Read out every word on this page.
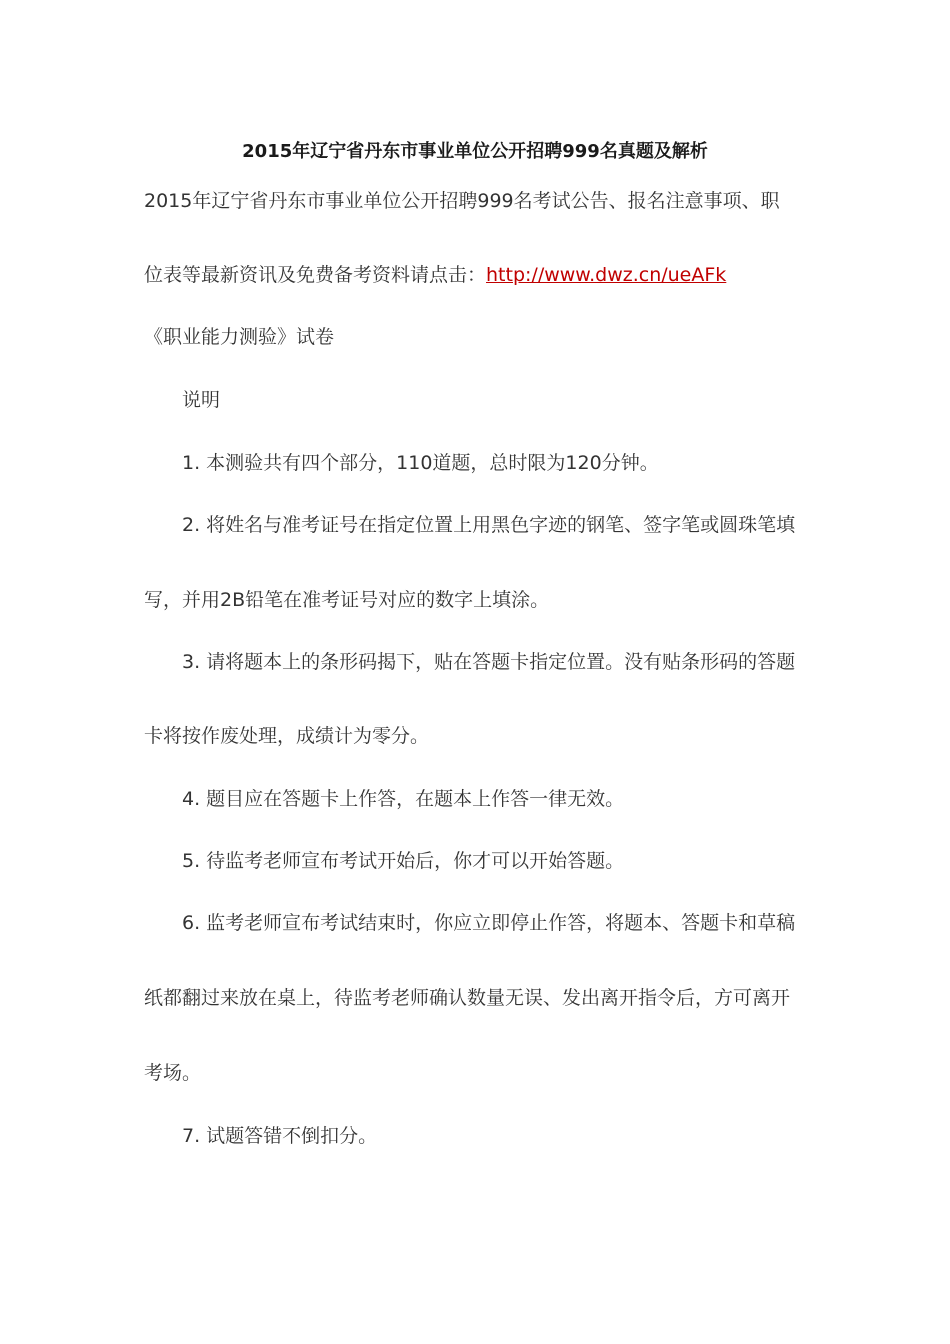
2015年辽宁省丹东市事业单位公开招聘999名真题及解析
2015年辽宁省丹东市事业单位公开招聘999名考试公告、报名注意事项、职
位表等最新资讯及免费备考资料请点击：http://www.dwz.cn/ueAFk
《职业能力测验》试卷
说明
1. 本测验共有四个部分，110道题，总时限为120分钟。
2. 将姓名与准考证号在指定位置上用黑色字迹的钢笔、签字笔或圆珠笔填
写，并用2B铅笔在准考证号对应的数字上填涂。
3. 请将题本上的条形码揭下，贴在答题卡指定位置。没有贴条形码的答题
卡将按作废处理，成绩计为零分。
4. 题目应在答题卡上作答，在题本上作答一律无效。
5. 待监考老师宣布考试开始后，你才可以开始答题。
6. 监考老师宣布考试结束时，你应立即停止作答，将题本、答题卡和草稿
纸都翻过来放在桌上，待监考老师确认数量无误、发出离开指令后，方可离开
考场。
7. 试题答错不倒扣分。
